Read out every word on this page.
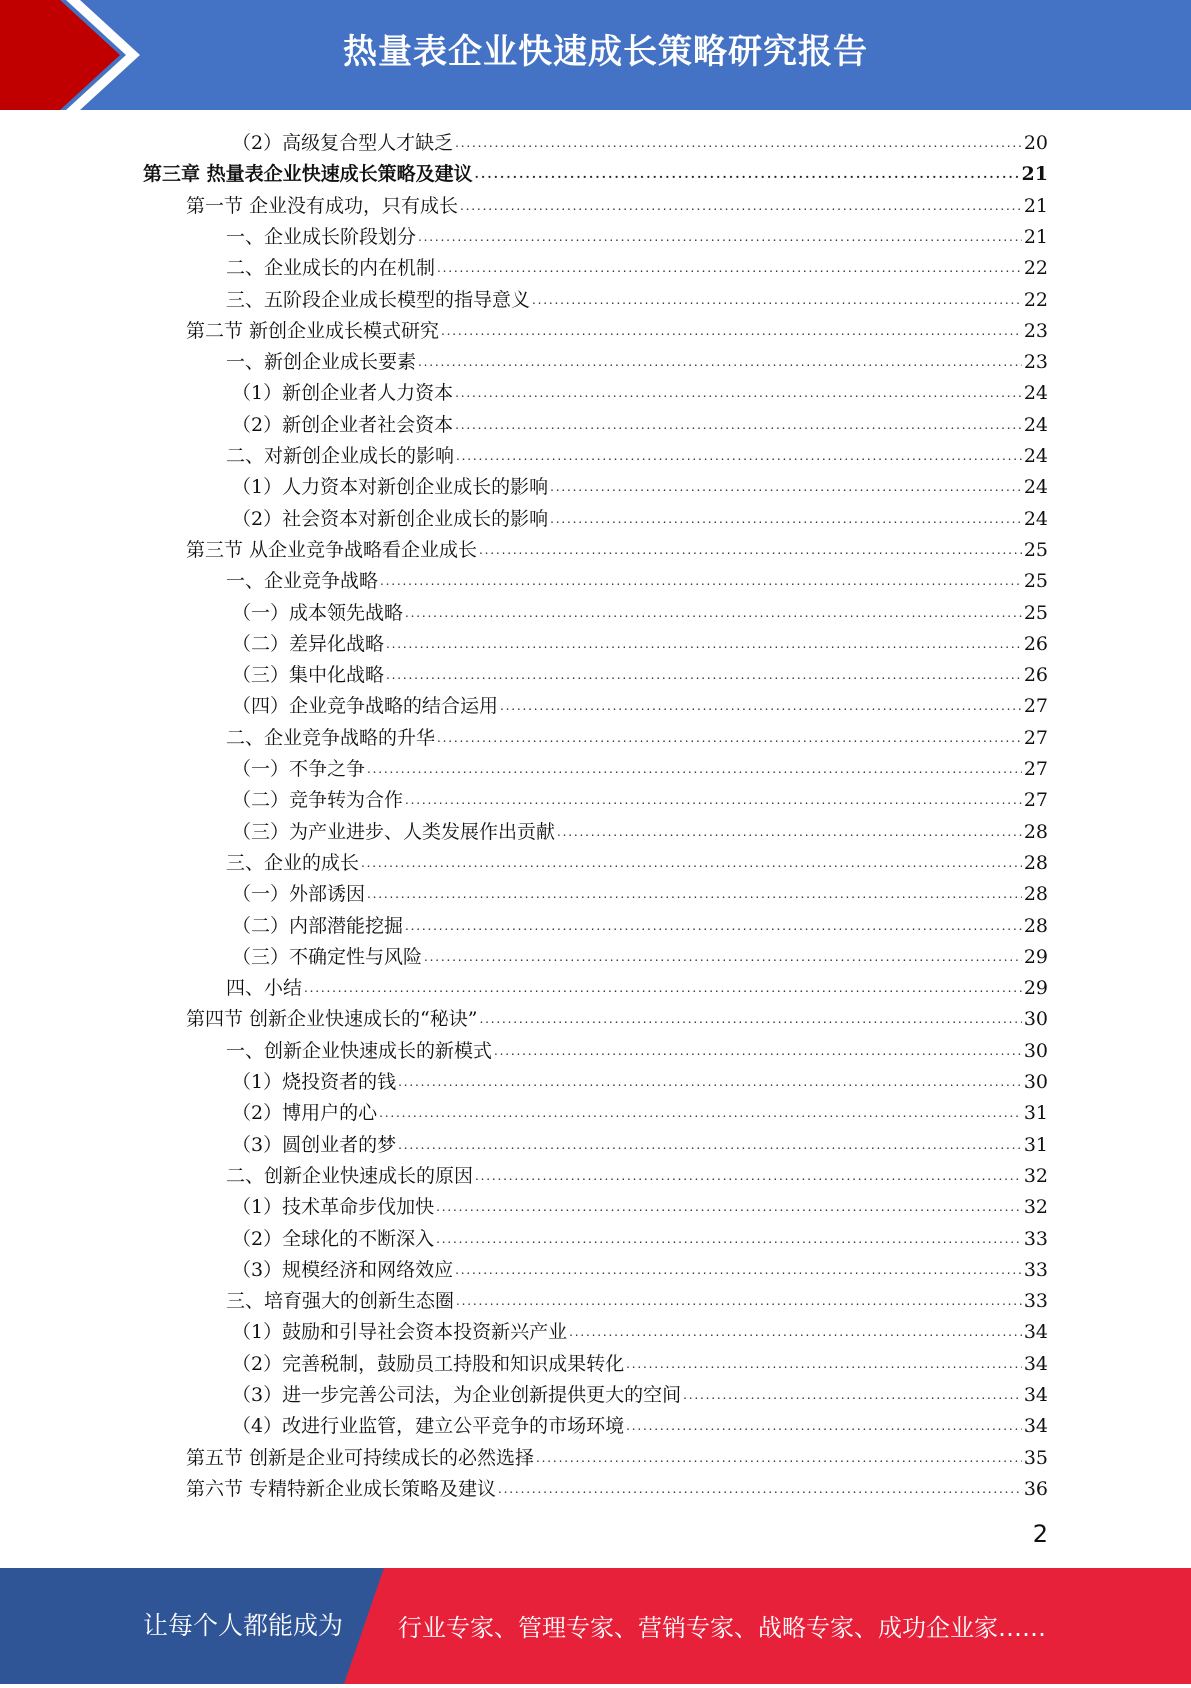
热量表企业快速成长策略研究报告
（2）高级复合型人才缺乏 . . .	20
第三章 热量表企业快速成长策略及建议 . . .	21
第一节 企业没有成功，只有成长 . . .	21
一、企业成长阶段划分 . . .	21
二、企业成长的内在机制 . . .	22
三、五阶段企业成长模型的指导意义 . . .	22
第二节 新创企业成长模式研究 . . .	23
一、新创企业成长要素 . . .	23
（1）新创企业者人力资本 . . .	24
（2）新创企业者社会资本 . . .	24
二、对新创企业成长的影响 . . .	24
（1）人力资本对新创企业成长的影响 . . .	24
（2）社会资本对新创企业成长的影响 . . .	24
第三节 从企业竞争战略看企业成长 . . .	25
一、企业竞争战略 . . .	25
（一）成本领先战略 . . .	25
（二）差异化战略 . . .	26
（三）集中化战略 . . .	26
（四）企业竞争战略的结合运用 . . .	27
二、企业竞争战略的升华 . . .	27
（一）不争之争 . . .	27
（二）竞争转为合作 . . .	27
（三）为产业进步、人类发展作出贡献 . . .	28
三、企业的成长 . . .	28
（一）外部诱因 . . .	28
（二）内部潜能挖掘 . . .	28
（三）不确定性与风险 . . .	29
四、小结 . . .	29
第四节 创新企业快速成长的“秘诀” . . .	30
一、创新企业快速成长的新模式 . . .	30
（1）烧投资者的钱 . . .	30
（2）博用户的心 . . .	31
（3）圆创业者的梦 . . .	31
二、创新企业快速成长的原因 . . .	32
（1）技术革命步伐加快 . . .	32
（2）全球化的不断深入 . . .	33
（3）规模经济和网络效应 . . .	33
三、培育强大的创新生态圈 . . .	33
（1）鼓励和引导社会资本投资新兴产业 . . .	34
（2）完善税制，鼓励员工持股和知识成果转化 . . .	34
（3）进一步完善公司法，为企业创新提供更大的空间 . . .	34
（4）改进行业监管，建立公平竞争的市场环境 . . .	34
第五节 创新是企业可持续成长的必然选择 . . .	35
第六节 专精特新企业成长策略及建议 . . .	36
2
让每个人都能成为 行业专家、管理专家、营销专家、战略专家、成功企业家……
